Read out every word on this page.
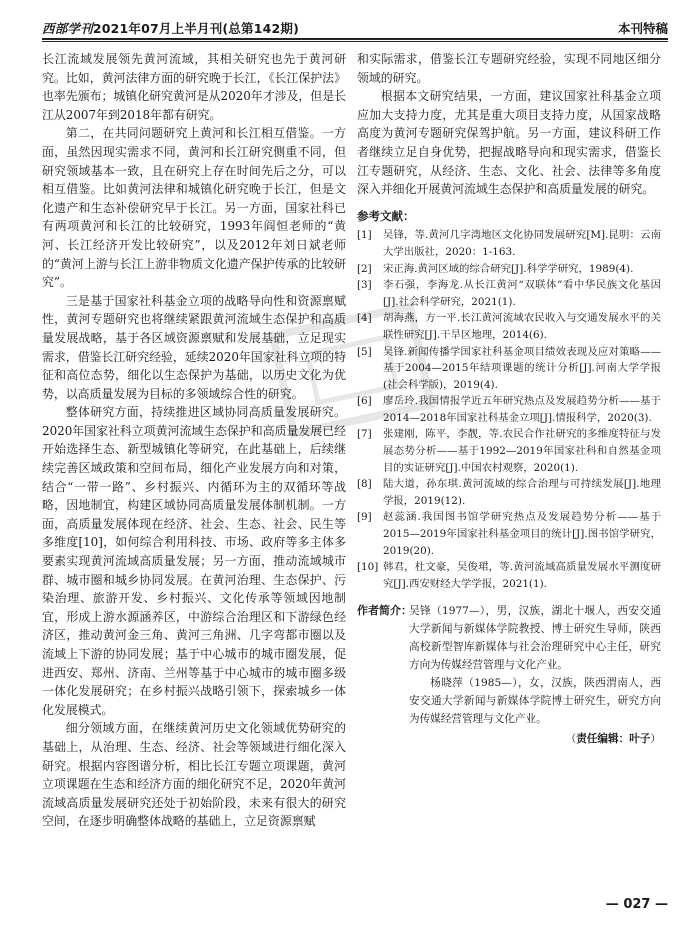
西部学刊2021年07月上半月刊(总第142期)	本刊特稿

长江流域发展领先黄河流域，其相关研究也先于黄河研究。比如，黄河法律方面的研究晚于长江，《长江保护法》也率先颁布；城镇化研究黄河是从2020年才涉及，但是长江从2007年到2018年都有研究。

第二，在共同问题研究上黄河和长江相互借鉴。一方面，虽然因现实需求不同，黄河和长江研究侧重不同，但研究领域基本一致，且在研究上存在时间先后之分，可以相互借鉴。比如黄河法律和城镇化研究晚于长江，但是文化遗产和生态补偿研究早于长江。另一方面，国家社科已有两项黄河和长江的比较研究，1993年阎恒老师的“黄河、长江经济开发比较研究”，以及2012年刘日斌老师的“黄河上游与长江上游非物质文化遗产保护传承的比较研究”。

三是基于国家社科基金立项的战略导向性和资源禀赋性，黄河专题研究也将继续紧跟黄河流域生态保护和高质量发展战略，基于各区域资源禀赋和发展基础，立足现实需求，借鉴长江研究经验，延续2020年国家社科立项的特征和高位态势，细化以生态保护为基础，以历史文化为优势，以高质量发展为目标的多领域综合性的研究。

整体研究方面，持续推进区域协同高质量发展研究。2020年国家社科立项黄河流域生态保护和高质量发展已经开始选择生态、新型城镇化等研究，在此基础上，后续继续完善区域政策和空间布局，细化产业发展方向和对策，结合“一带一路”、乡村振兴、内循环为主的双循环等战略，因地制宜，构建区域协同高质量发展体制机制。一方面，高质量发展体现在经济、社会、生态、社会、民生等多维度[10]，如何综合利用科技、市场、政府等多主体多要素实现黄河流域高质量发展；另一方面，推动流域城市群、城市圈和城乡协同发展。在黄河治理、生态保护、污染治理、旅游开发、乡村振兴、文化传承等领域因地制宜，形成上游水源涵养区，中游综合治理区和下游绿色经济区，推动黄河金三角、黄河三角洲、几字弯都市圈以及流域上下游的协同发展；基于中心城市的城市圈发展，促进西安、郑州、济南、兰州等基于中心城市的城市圈多级一体化发展研究；在乡村振兴战略引领下，探索城乡一体化发展模式。

细分领域方面，在继续黄河历史文化领域优势研究的基础上，从治理、生态、经济、社会等领域进行细化深入研究。根据内容图谱分析，相比长江专题立项课题，黄河立项课题在生态和经济方面的细化研究不足，2020年黄河流域高质量发展研究还处于初始阶段，未来有很大的研究空间，在逐步明确整体战略的基础上，立足资源禀赋

和实际需求，借鉴长江专题研究经验，实现不同地区细分领域的研究。

根据本文研究结果，一方面，建议国家社科基金立项应加大支持力度，尤其是重大项目支持力度，从国家战略高度为黄河专题研究保驾护航。另一方面，建议科研工作者继续立足自身优势，把握战略导向和现实需求，借鉴长江专题研究，从经济、生态、文化、社会、法律等多角度深入并细化开展黄河流域生态保护和高质量发展的研究。

参考文献：
[1]	吴锋，等.黄河几字湾地区文化协同发展研究[M].昆明：云南大学出版社，2020：1-163.
[2]	宋正海.黄河区域的综合研究[J].科学学研究，1989(4).
[3]	李石强，李海龙.从长江黄河“双联体”看中华民族文化基因[J].社会科学研究，2021(1).
[4]	胡海燕，方一平.长江黄河流域农民收入与交通发展水平的关联性研究[J].干旱区地理，2014(6).
[5]	吴锋.新闻传播学国家社科基金项目绩效表现及应对策略——基于2004—2015年结项课题的统计分析[J].河南大学学报(社会科学版)，2019(4).
[6]	廖岳玲.我国情报学近五年研究热点及发展趋势分析——基于2014—2018年国家社科基金立项[J].情报科学，2020(3).
[7]	张建刚，陈平，李靓，等.农民合作社研究的多维度特征与发展态势分析——基于1992—2019年国家社科和自然基金项目的实证研究[J].中国农村观察，2020(1).
[8]	陆大道，孙东琪.黄河流域的综合治理与可持续发展[J].地理学报，2019(12).
[9]	赵蕊涵.我国图书馆学研究热点及发展趋势分析——基于2015—2019年国家社科基金项目的统计[J].图书馆学研究，2019(20).
[10] 韩君，杜文豪，吴俊珺，等.黄河流域高质量发展水平测度研究[J].西安财经大学学报，2021(1).
作者简介：

吴锋（1977—），男，汉族，湖北十堰人，西安交通大学新闻与新媒体学院教授、博士研究生导师，陕西高校新型智库新媒体与社会治理研究中心主任，研究方向为传媒经营管理与文化产业。

杨晓萍（1985—），女，汉族，陕西渭南人，西安交通大学新闻与新媒体学院博士研究生，研究方向为传媒经营管理与文化产业。

（责任编辑：叶子）
— 027 —
